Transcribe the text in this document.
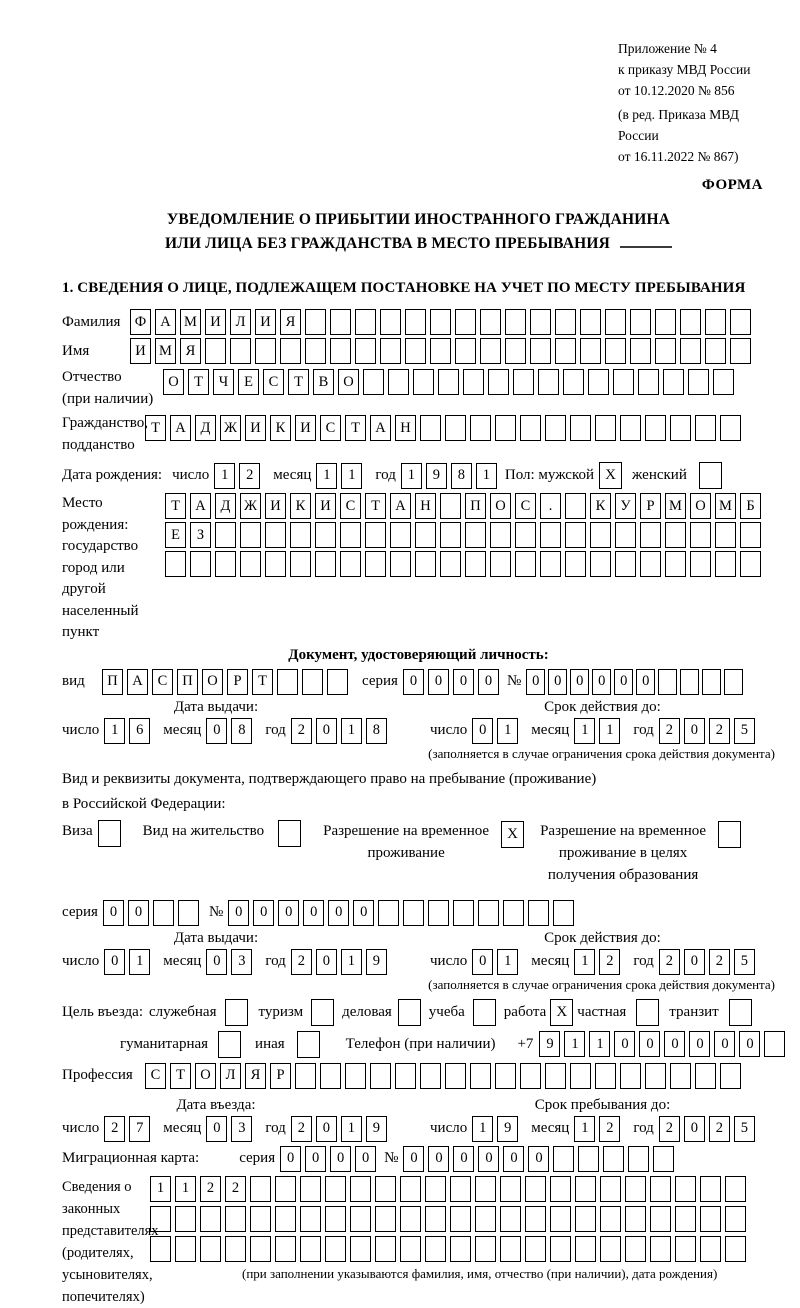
Приложение № 4
к приказу МВД России
от 10.12.2020 № 856
(в ред. Приказа МВД России
от 16.11.2022 № 867)
ФОРМА
УВЕДОМЛЕНИЕ О ПРИБЫТИИ ИНОСТРАННОГО ГРАЖДАНИНА
ИЛИ ЛИЦА БЕЗ ГРАЖДАНСТВА В МЕСТО ПРЕБЫВАНИЯ
1. СВЕДЕНИЯ О ЛИЦЕ, ПОДЛЕЖАЩЕМ ПОСТАНОВКЕ НА УЧЕТ ПО МЕСТУ ПРЕБЫВАНИЯ
Фамилия Ф А М И	Л	И	Я

Имя	И М Я

Отчество
(при наличии)
О	Т	Ч	Е	С	Т	В	О

Гражданство,
подданство
Т	А	Д Ж И	К	И	С	Т	А	Н

Дата рождения: число 1	2	месяц 1	1	год 1	9	8	1 Пол: мужской X	женский

Место рождения:
государство
город или другой
населенный пункт
Т	А	Д Ж И	К	И	С	Т	А	Н
	П	О	С	.
	К	У	Р	М О М Б
Е	З

Документ, удостоверяющий личность:
вид	П	А	С	П	О	Р	Т

	серия 0	0	0	0 № 0	0	0	0	0	0

Дата выдачи:
число 1	6	месяц 0	8	год 2	0	1	8
Срок действия до:
число 0	1	месяц 1	1	год 2	0	2	5
(заполняется в случае ограничения срока действия документа)
Вид и реквизиты документа, подтверждающего право на пребывание (проживание)
в Российской Федерации:
Виза
	Вид на жительство
	Разрешение на временное
проживание
X	Разрешение на временное
проживание в целях
получения образования

серия 0	0

	№ 0	0	0	0	0	0

Дата выдачи:
число 0	1	месяц 0	3	год 2	0	1	9
Срок действия до:
число 0	1	месяц 1	2	год 2	0	2	5
(заполняется в случае ограничения срока действия документа)
Цель въезда: служебная
	туризм
	деловая
учеба
	работа X частная
	транзит

гуманитарная
	иная
	Телефон (при наличии) +7 9	1	1	0	0	0	0	0	0

Профессия	С	Т	О	Л	Я	Р

Дата въезда:
число 2	7	месяц 0	3	год 2	0	1	9
Срок пребывания до:
число 1	9	месяц 1	2	год 2	0	2	5
Миграционная карта:	серия 0	0	0	0 № 0	0	0	0	0	0

Сведения о
законных
представителях
(родителях,
усыновителях,
попечителях)
1	1	2	2

(при заполнении указываются фамилия, имя, отчество (при наличии), дата рождения)
